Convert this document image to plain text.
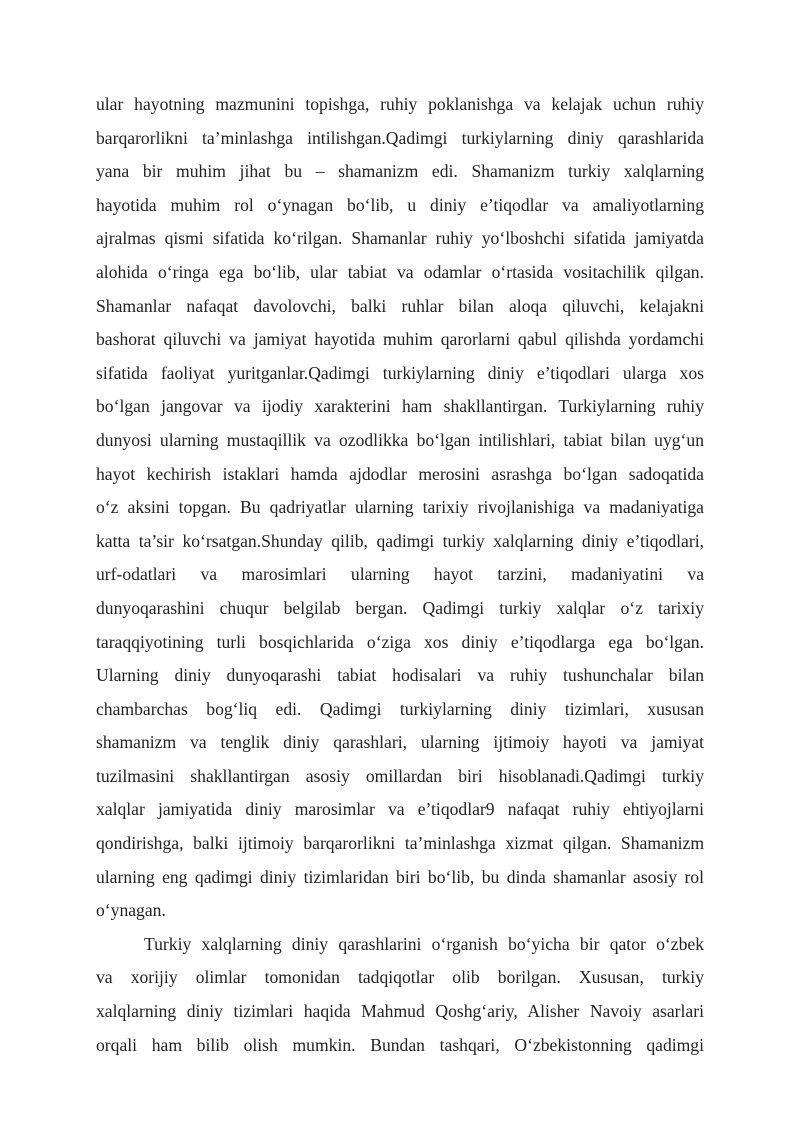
ular hayotning mazmunini topishga, ruhiy poklanishga va kelajak uchun ruhiy
barqarorlikni ta’minlashga intilishgan.Qadimgi turkiylarning diniy qarashlarida
yana bir muhim jihat bu – shamanizm edi. Shamanizm turkiy xalqlarning
hayotida muhim rol o‘ynagan bo‘lib, u diniy e’tiqodlar va amaliyotlarning
ajralmas qismi sifatida ko‘rilgan. Shamanlar ruhiy yo‘lboshchi sifatida jamiyatda
alohida o‘ringa ega bo‘lib, ular tabiat va odamlar o‘rtasida vositachilik qilgan.
Shamanlar nafaqat davolovchi, balki ruhlar bilan aloqa qiluvchi, kelajakni
bashorat qiluvchi va jamiyat hayotida muhim qarorlarni qabul qilishda yordamchi
sifatida faoliyat yuritganlar.Qadimgi turkiylarning diniy e’tiqodlari ularga xos
bo‘lgan jangovar va ijodiy xarakterini ham shakllantirgan. Turkiylarning ruhiy
dunyosi ularning mustaqillik va ozodlikka bo‘lgan intilishlari, tabiat bilan uyg‘un
hayot kechirish istaklari hamda ajdodlar merosini asrashga bo‘lgan sadoqatida
o‘z aksini topgan. Bu qadriyatlar ularning tarixiy rivojlanishiga va madaniyatiga
katta ta’sir ko‘rsatgan.Shunday qilib, qadimgi turkiy xalqlarning diniy e’tiqodlari,
urf-odatlari va marosimlari ularning hayot tarzini, madaniyatini va
dunyoqarashini chuqur belgilab bergan. Qadimgi turkiy xalqlar o‘z tarixiy
taraqqiyotining turli bosqichlarida o‘ziga xos diniy e’tiqodlarga ega bo‘lgan.
Ularning diniy dunyoqarashi tabiat hodisalari va ruhiy tushunchalar bilan
chambarchas bog‘liq edi. Qadimgi turkiylarning diniy tizimlari, xususan
shamanizm va tenglik diniy qarashlari, ularning ijtimoiy hayoti va jamiyat
tuzilmasini shakllantirgan asosiy omillardan biri hisoblanadi.Qadimgi turkiy
xalqlar jamiyatida diniy marosimlar va e’tiqodlar9 nafaqat ruhiy ehtiyojlarni
qondirishga, balki ijtimoiy barqarorlikni ta’minlashga xizmat qilgan. Shamanizm
ularning eng qadimgi diniy tizimlaridan biri bo‘lib, bu dinda shamanlar asosiy rol
o‘ynagan.
Turkiy xalqlarning diniy qarashlarini o‘rganish bo‘yicha bir qator o‘zbek
va xorijiy olimlar tomonidan tadqiqotlar olib borilgan. Xususan, turkiy
xalqlarning diniy tizimlari haqida Mahmud Qoshg‘ariy, Alisher Navoiy asarlari
orqali ham bilib olish mumkin. Bundan tashqari, O‘zbekistonning qadimgi
